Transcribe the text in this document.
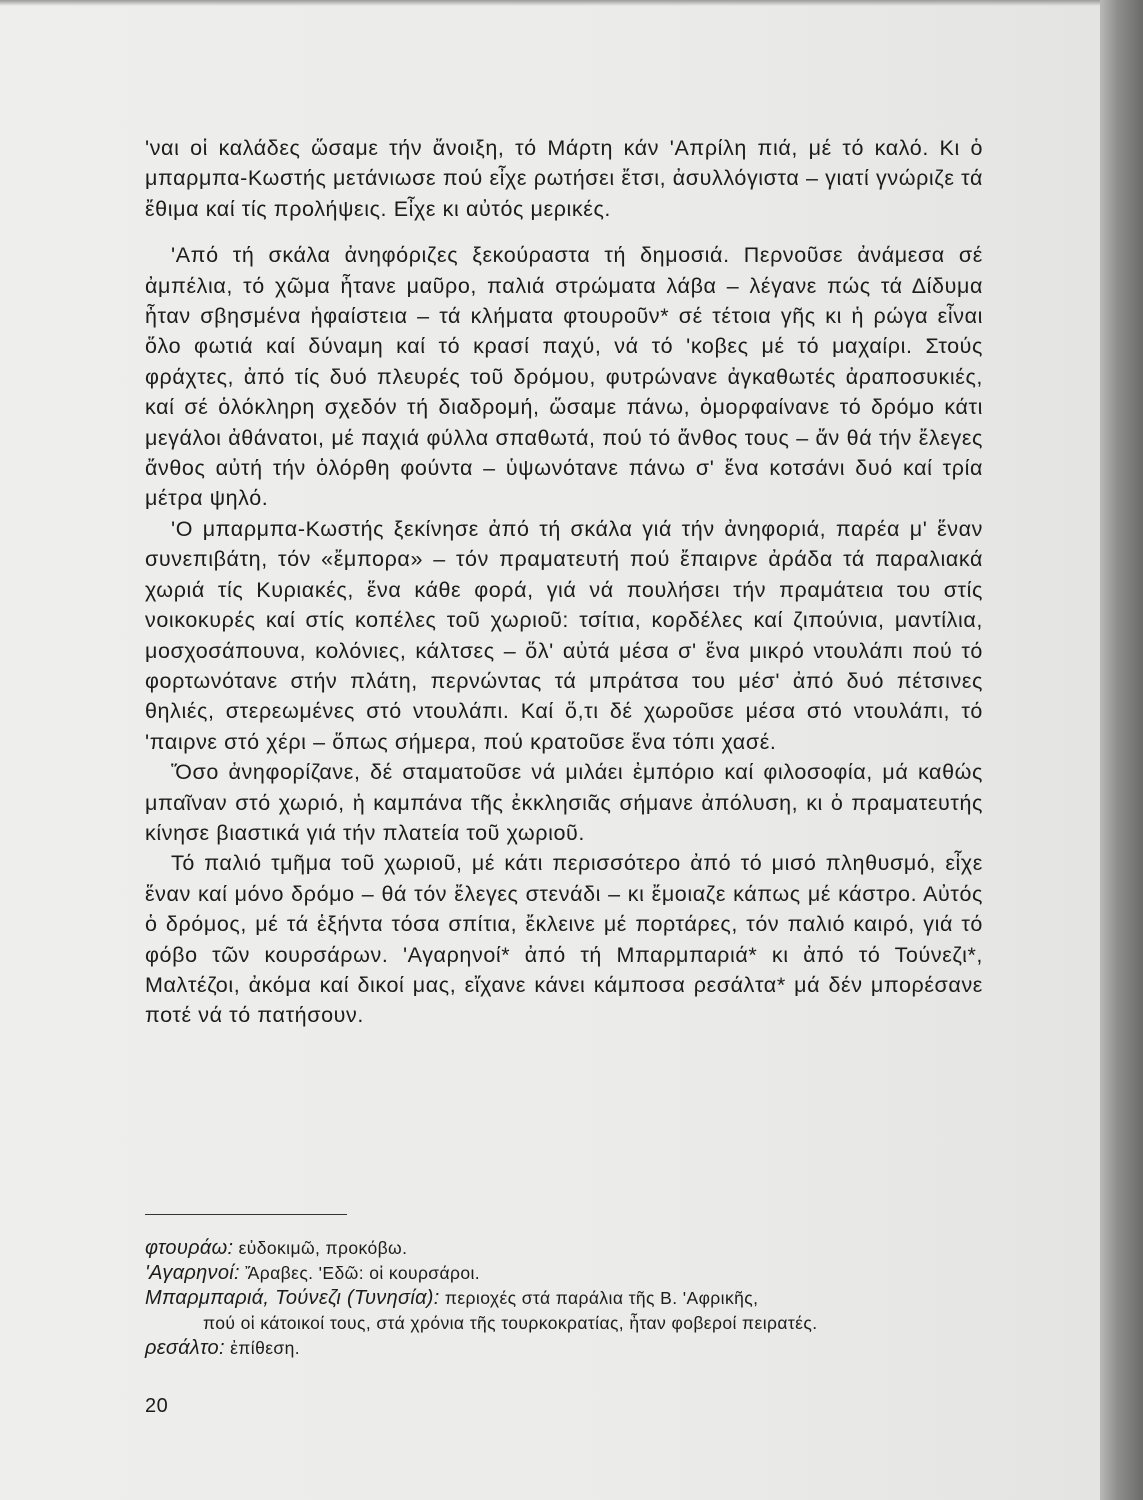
'ναι οἱ καλάδες ὥσαμε τήν ἄνοιξη, τό Μάρτη κάν 'Απρίλη πιά, μέ τό καλό. Κι ὁ μπαρμπα-Κωστής μετάνιωσε πού εἶχε ρωτήσει ἔτσι, ἀσυλλόγιστα – γιατί γνώριζε τά ἔθιμα καί τίς προλήψεις. Εἶχε κι αὐτός μερικές.

'Από τή σκάλα ἀνηφόριζες ξεκούραστα τή δημοσιά. Περνοῦσε ἀνάμεσα σέ ἀμπέλια, τό χῶμα ἦτανε μαῦρο, παλιά στρώματα λάβα – λέγανε πώς τά Δίδυμα ἦταν σβησμένα ἡφαίστεια – τά κλήματα φτουροῦν* σέ τέτοια γῆς κι ἡ ρώγα εἶναι ὅλο φωτιά καί δύναμη καί τό κρασί παχύ, νά τό 'κοβες μέ τό μαχαίρι. Στούς φράχτες, ἀπό τίς δυό πλευρές τοῦ δρόμου, φυτρώνανε ἀγκαθωτές ἀραποσυκιές, καί σέ ὁλόκληρη σχεδόν τή διαδρομή, ὥσαμε πάνω, ὀμορφαίνανε τό δρόμο κάτι μεγάλοι ἀθάνατοι, μέ παχιά φύλλα σπαθωτά, πού τό ἄνθος τους – ἄν θά τήν ἔλεγες ἄνθος αὐτή τήν ὁλόρθη φούντα – ὑψωνότανε πάνω σ' ἕνα κοτσάνι δυό καί τρία μέτρα ψηλό.

'Ο μπαρμπα-Κωστής ξεκίνησε ἀπό τή σκάλα γιά τήν ἀνηφοριά, παρέα μ' ἕναν συνεπιβάτη, τόν «ἔμπορα» – τόν πραματευτή πού ἔπαιρνε ἀράδα τά παραλιακά χωριά τίς Κυριακές, ἕνα κάθε φορά, γιά νά πουλήσει τήν πραμάτεια του στίς νοικοκυρές καί στίς κοπέλες τοῦ χωριοῦ: τσίτια, κορδέλες καί ζιπούνια, μαντίλια, μοσχοσάπουνα, κολόνιες, κάλτσες – ὅλ' αὐτά μέσα σ' ἕνα μικρό ντουλάπι πού τό φορτωνότανε στήν πλάτη, περνώντας τά μπράτσα του μέσ' ἀπό δυό πέτσινες θηλιές, στερεωμένες στό ντουλάπι. Καί ὅ,τι δέ χωροῦσε μέσα στό ντουλάπι, τό 'παιρνε στό χέρι – ὅπως σήμερα, πού κρατοῦσε ἕνα τόπι χασέ.

Ὅσο ἀνηφορίζανε, δέ σταματοῦσε νά μιλάει ἐμπόριο καί φιλοσοφία, μά καθώς μπαῖναν στό χωριό, ἡ καμπάνα τῆς ἐκκλησιᾶς σήμανε ἀπόλυση, κι ὁ πραματευτής κίνησε βιαστικά γιά τήν πλατεία τοῦ χωριοῦ.

Τό παλιό τμῆμα τοῦ χωριοῦ, μέ κάτι περισσότερο ἀπό τό μισό πληθυσμό, εἶχε ἕναν καί μόνο δρόμο – θά τόν ἔλεγες στενάδι – κι ἔμοιαζε κάπως μέ κάστρο. Αὐτός ὁ δρόμος, μέ τά ἑξήντα τόσα σπίτια, ἔκλεινε μέ πορτάρες, τόν παλιό καιρό, γιά τό φόβο τῶν κουρσάρων. 'Αγαρηνοί* ἀπό τή Μπαρμπαριά* κι ἀπό τό Τούνεζι*, Μαλτέζοι, ἀκόμα καί δικοί μας, εἴχανε κάνει κάμποσα ρεσάλτα* μά δέν μπορέσανε ποτέ νά τό πατήσουν.

φτουράω: εὐδοκιμῶ, προκόβω.

'Αγαρηνοί: Ἄραβες. 'Εδῶ: οἱ κουρσάροι.

Μπαρμπαριά, Τούνεζι (Τυνησία): περιοχές στά παράλια τῆς Β. 'Αφρικῆς,
πού οἱ κάτοικοί τους, στά χρόνια τῆς τουρκοκρατίας, ἦταν φοβεροί πειρατές.

ρεσάλτο: ἐπίθεση.

20
